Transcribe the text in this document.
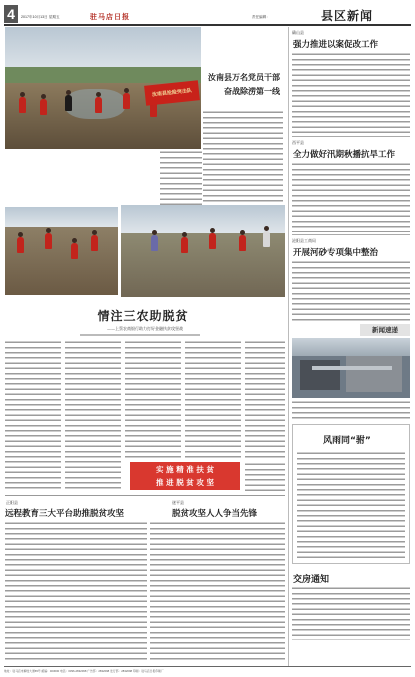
4	2017年10月13日 星期五	驻马店日报	责任编辑：	县区新闻
汝南县抢险突击队
汝南县万名党员干部
奋战除涝第一线
情注三农助脱贫
——上蔡农商银行助力打好金融扶贫攻坚战
实 施 精 准 扶 贫
推 进 脱 贫 攻 坚
正阳县
远程教育三大平台助推脱贫攻坚
遂平县
脱贫攻坚人人争当先锋
确山县
强力推进以案促改工作
西平县
全力做好汛期秋播抗旱工作
泌阳县工商局
开展河砂专项集中整治
新闻速递
风雨同“驸”
交房通知
地址：驻马店市解放大道65号 邮编：463000 电话：0396-2832098 广告部：2832098 发行部：2832098 印刷：驻马店日报印刷厂
